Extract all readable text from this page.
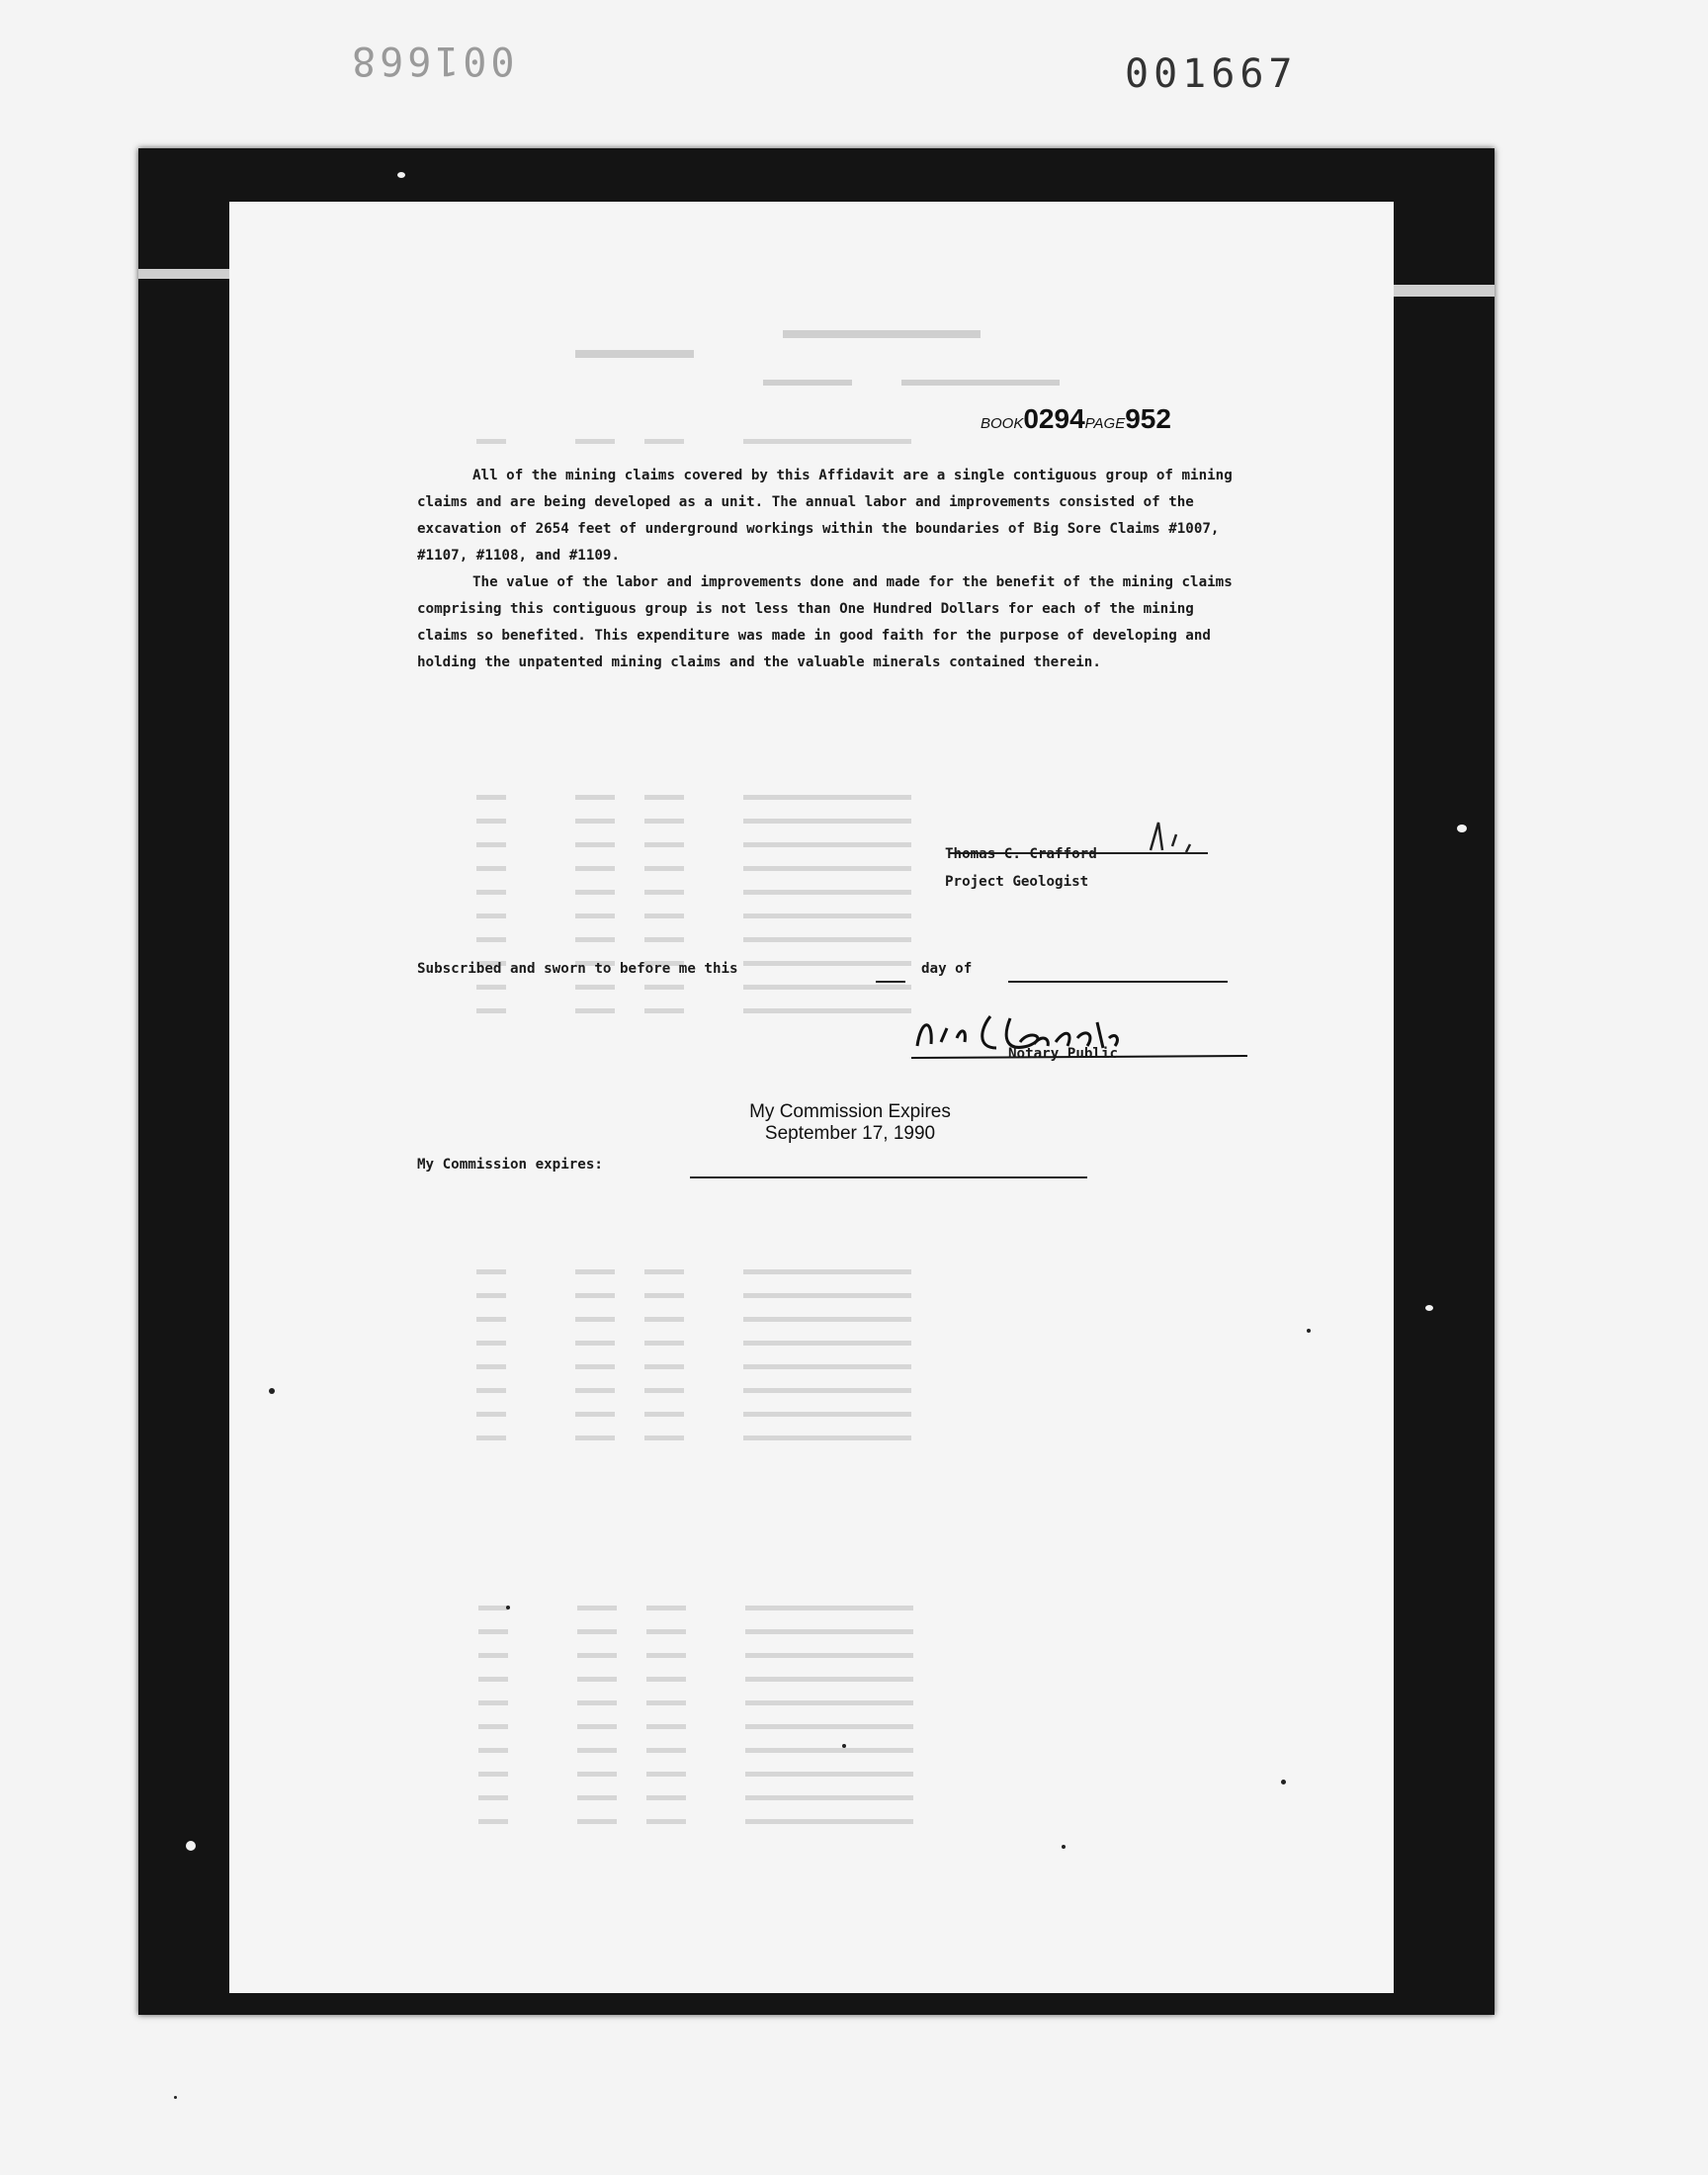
001668	001667
BOOK0294PAGE952

All of the mining claims covered by this Affidavit are a single contiguous group of mining claims and are being developed as a unit. The annual labor and improvements consisted of the excavation of 2654 feet of underground workings within the boundaries of Big Sore Claims #1007, #1107, #1108, and #1109.

The value of the labor and improvements done and made for the benefit of the mining claims comprising this contiguous group is not less than One Hundred Dollars for each of the mining claims so benefited. This expenditure was made in good faith for the purpose of developing and holding the unpatented mining claims and the valuable minerals contained therein.

Thomas C. Crafford
Project Geologist
Subscribed and sworn to before me this	day of
Notary Public
My Commission Expires
September 17, 1990
My Commission expires:
